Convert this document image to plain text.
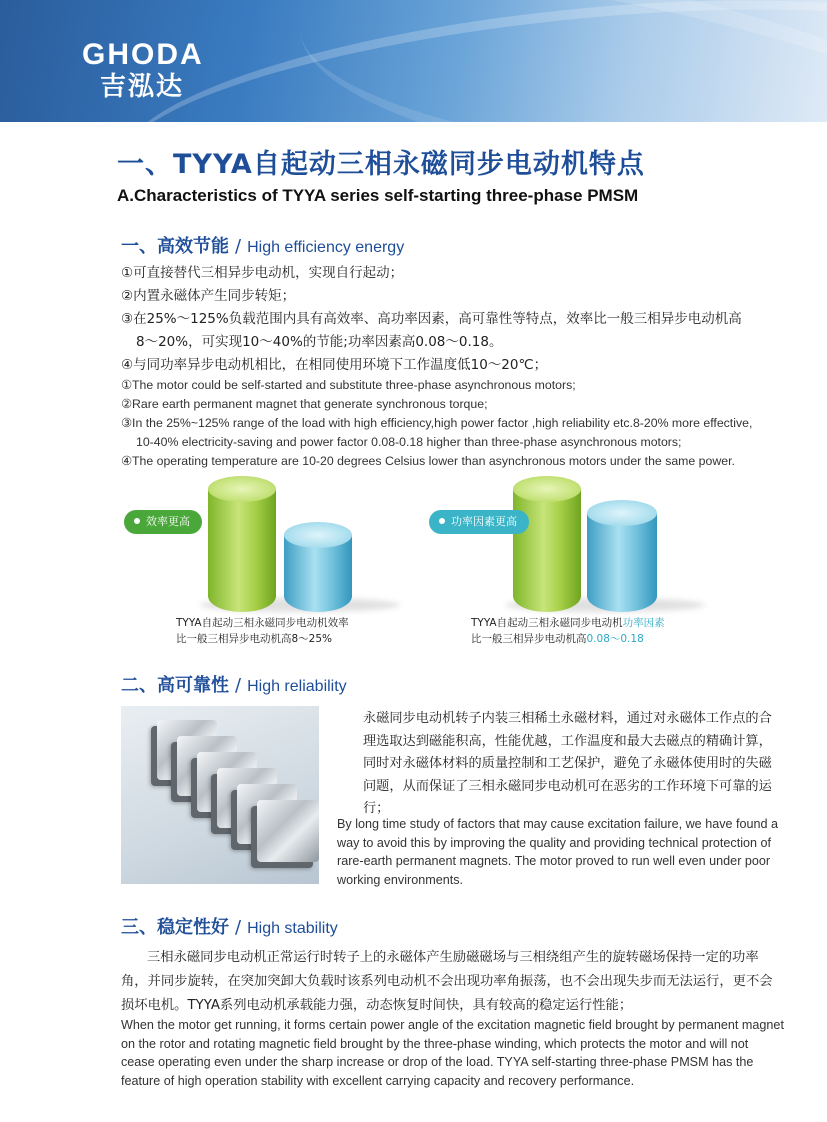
GHODA
吉泓达
一、TYYA自起动三相永磁同步电动机特点
A.Characteristics of TYYA series self-starting three-phase PMSM
一、高效节能 / High efficiency energy
①可直接替代三相异步电动机，实现自行起动；
②内置永磁体产生同步转矩；
③在25%～125%负载范围内具有高效率、高功率因素，高可靠性等特点，效率比一般三相异步电动机高
8～20%，可实现10～40%的节能;功率因素高0.08～0.18。
④与同功率异步电动机相比，在相同使用环境下工作温度低10～20℃；
①The motor could be self-started and substitute three-phase asynchronous motors;
②Rare earth permanent magnet that generate synchronous torque;
③In the 25%~125% range of the load with high efficiency,high power factor ,high reliability etc.8-20% more effective,
10-40% electricity-saving and power factor 0.08-0.18 higher than three-phase asynchronous motors;
④The operating temperature are 10-20 degrees Celsius lower than asynchronous motors under the same power.
效率更高
TYYA自起动三相永磁同步电动机效率
比一般三相异步电动机高8～25%
功率因素更高
TYYA自起动三相永磁同步电动机功率因素
比一般三相异步电动机高0.08～0.18
二、高可靠性 / High reliability
永磁同步电动机转子内装三相稀土永磁材料，通过对永磁体工作点的合理选取达到磁能积高，性能优越，工作温度和最大去磁点的精确计算，同时对永磁体材料的质量控制和工艺保护，避免了永磁体使用时的失磁问题，从而保证了三相永磁同步电动机可在恶劣的工作环境下可靠的运行；
By long time study of factors that may cause excitation failure, we have found a way to avoid this by improving the quality and providing technical protection of rare-earth permanent magnets. The motor proved to run well even under poor working environments.
三、稳定性好 / High stability
三相永磁同步电动机正常运行时转子上的永磁体产生励磁磁场与三相绕组产生的旋转磁场保持一定的功率角，并同步旋转，在突加突卸大负载时该系列电动机不会出现功率角振荡，也不会出现失步而无法运行，更不会损坏电机。TYYA系列电动机承载能力强，动态恢复时间快，具有较高的稳定运行性能；
When the motor get running, it forms certain power angle of the excitation magnetic field brought by permanent magnet on the rotor and rotating magnetic field brought by the three-phase winding, which protects the motor and will not cease operating even under the sharp increase or drop of the load. TYYA self-starting three-phase PMSM has the feature of high operation stability with excellent carrying capacity and recovery performance.
